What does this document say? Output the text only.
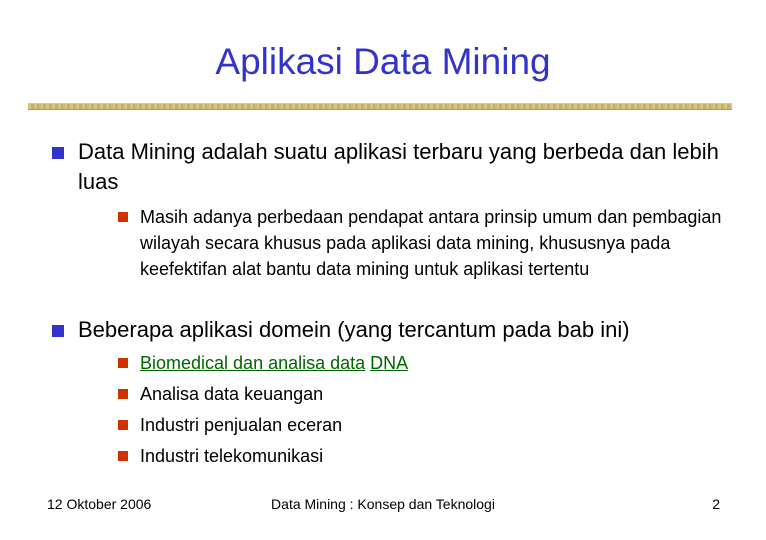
Aplikasi Data Mining
Data Mining adalah suatu aplikasi terbaru yang berbeda dan lebih luas
Masih adanya perbedaan pendapat antara prinsip umum dan pembagian wilayah secara khusus pada aplikasi data mining, khususnya pada keefektifan alat bantu data mining untuk aplikasi tertentu
Beberapa aplikasi domein (yang tercantum pada bab ini)
Biomedical dan analisa data DNA
Analisa data keuangan
Industri penjualan eceran
Industri telekomunikasi
12 Oktober 2006	Data Mining : Konsep dan Teknologi	2
